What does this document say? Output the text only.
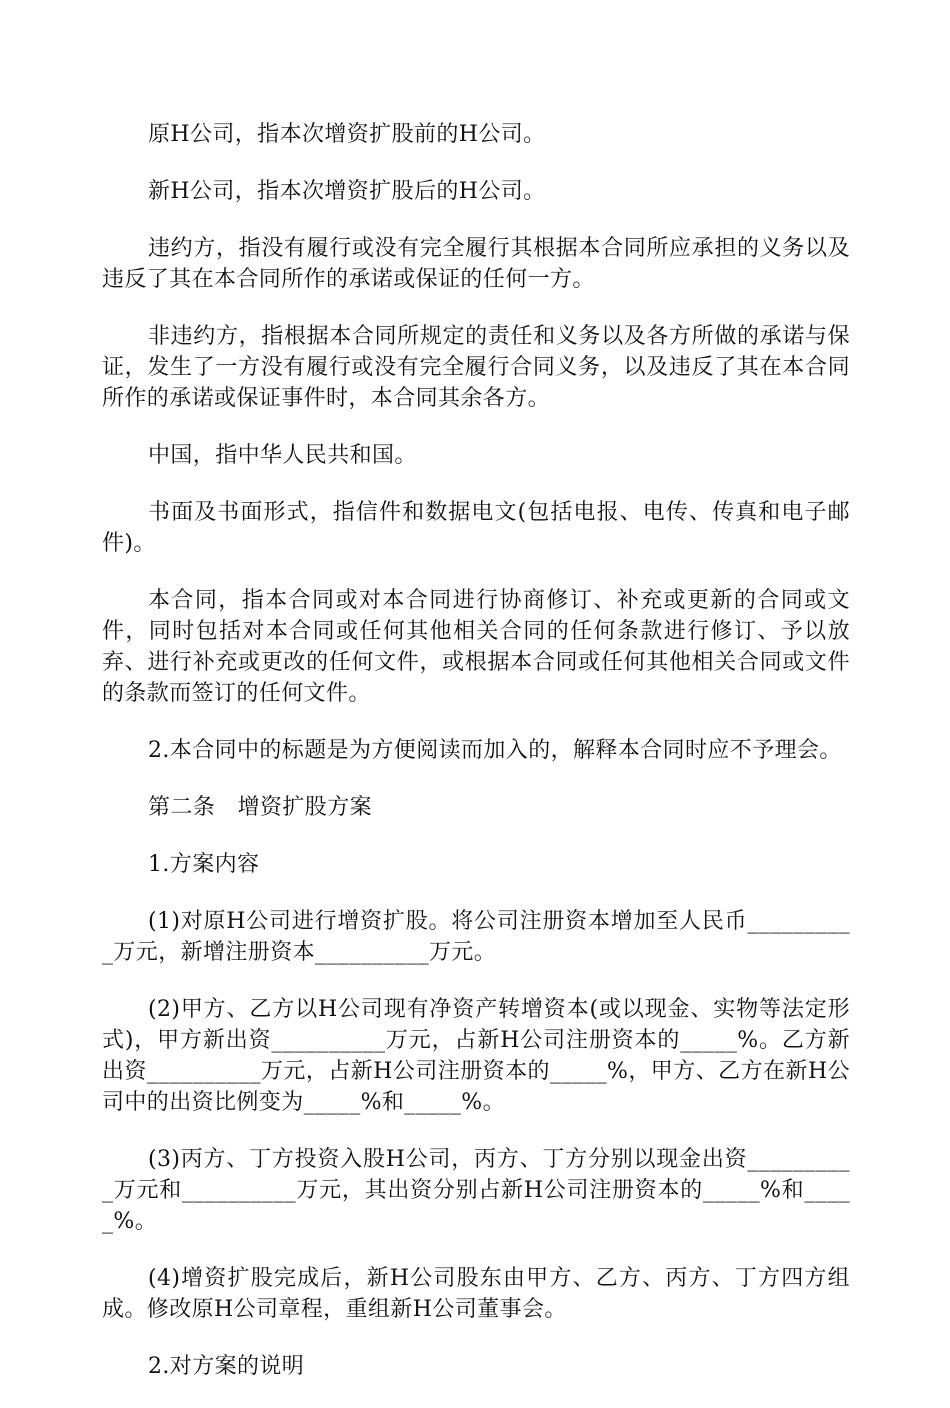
原H公司，指本次增资扩股前的H公司。

新H公司，指本次增资扩股后的H公司。

违约方，指没有履行或没有完全履行其根据本合同所应承担的义务以及违反了其在本合同所作的承诺或保证的任何一方。

非违约方，指根据本合同所规定的责任和义务以及各方所做的承诺与保证，发生了一方没有履行或没有完全履行合同义务，以及违反了其在本合同所作的承诺或保证事件时，本合同其余各方。

中国，指中华人民共和国。

书面及书面形式，指信件和数据电文(包括电报、电传、传真和电子邮件)。

本合同，指本合同或对本合同进行协商修订、补充或更新的合同或文件，同时包括对本合同或任何其他相关合同的任何条款进行修订、予以放弃、进行补充或更改的任何文件，或根据本合同或任何其他相关合同或文件的条款而签订的任何文件。

2.本合同中的标题是为方便阅读而加入的，解释本合同时应不予理会。

第二条　增资扩股方案

1.方案内容

(1)对原H公司进行增资扩股。将公司注册资本增加至人民币__________万元，新增注册资本__________万元。

(2)甲方、乙方以H公司现有净资产转增资本(或以现金、实物等法定形式)，甲方新出资__________万元，占新H公司注册资本的_____%。乙方新出资__________万元，占新H公司注册资本的_____%，甲方、乙方在新H公司中的出资比例变为_____%和_____%。

(3)丙方、丁方投资入股H公司，丙方、丁方分别以现金出资__________万元和__________万元，其出资分别占新H公司注册资本的_____%和_____%。

(4)增资扩股完成后，新H公司股东由甲方、乙方、丙方、丁方四方组成。修改原H公司章程，重组新H公司董事会。

2.对方案的说明
